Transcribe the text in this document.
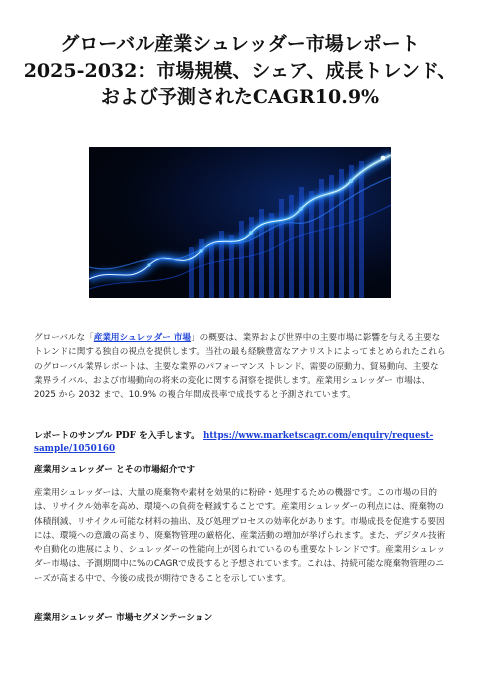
グローバル産業シュレッダー市場レポート
2025-2032：市場規模、シェア、成長トレンド、
および予測されたCAGR10.9%

グローバルな「産業用シュレッダー 市場」の概要は、業界および世界中の主要市場に影響を与える主要なトレンドに関する独自の視点を提供します。当社の最も経験豊富なアナリストによってまとめられたこれらのグローバル業界レポートは、主要な業界のパフォーマンス トレンド、需要の原動力、貿易動向、主要な業界ライバル、および市場動向の将来の変化に関する洞察を提供します。産業用シュレッダー 市場は、2025 から 2032 まで、10.9% の複合年間成長率で成長すると予測されています。

レポートのサンプル PDF を入手します。 https://www.marketscagr.com/enquiry/request-sample/1050160

産業用シュレッダー とその市場紹介です

産業用シュレッダーは、大量の廃棄物や素材を効果的に粉砕・処理するための機器です。この市場の目的は、リサイクル効率を高め、環境への負荷を軽減することです。産業用シュレッダーの利点には、廃棄物の体積削減、リサイクル可能な材料の抽出、及び処理プロセスの効率化があります。市場成長を促進する要因には、環境への意識の高まり、廃棄物管理の厳格化、産業活動の増加が挙げられます。また、デジタル技術や自動化の進展により、シュレッダーの性能向上が図られているのも重要なトレンドです。産業用シュレッダー市場は、予測期間中に%のCAGRで成長すると予想されています。これは、持続可能な廃棄物管理のニーズが高まる中で、今後の成長が期待できることを示しています。

産業用シュレッダー 市場セグメンテーション
